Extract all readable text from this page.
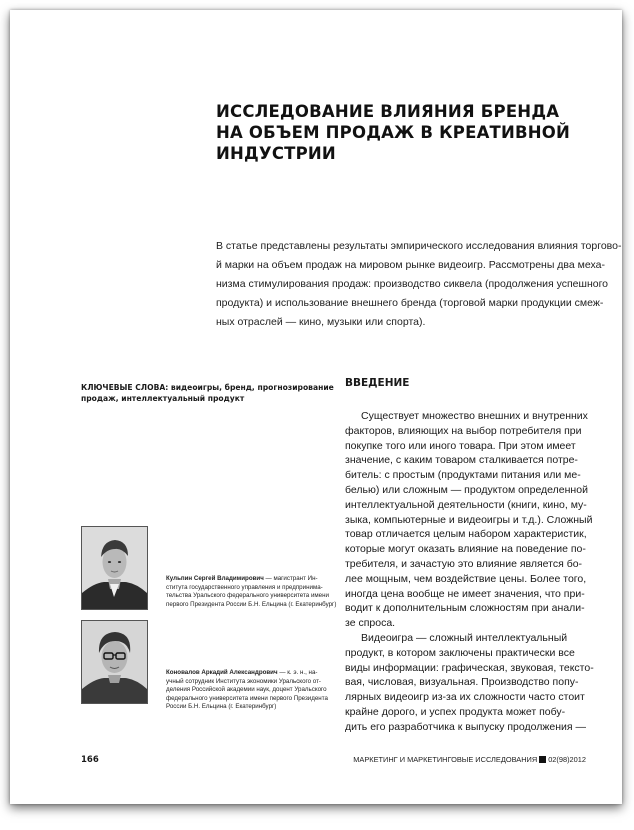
ИССЛЕДОВАНИЕ ВЛИЯНИЯ БРЕНДА
НА ОБЪЕМ ПРОДАЖ В КРЕАТИВНОЙ
ИНДУСТРИИ
В статье представлены результаты эмпирического исследования влияния торгово-
й марки на объем продаж на мировом рынке видеоигр. Рассмотрены два меха-
низма стимулирования продаж: производство сиквела (продолжения успешного
продукта) и использование внешнего бренда (торговой марки продукции смеж-
ных отраслей — кино, музыки или спорта).
КЛЮЧЕВЫЕ СЛОВА: видеоигры, бренд, прогнозирование
продаж, интеллектуальный продукт
ВВЕДЕНИЕ
Существует множество внешних и внутренних
факторов, влияющих на выбор потребителя при
покупке того или иного товара. При этом имеет
значение, с каким товаром сталкивается потре-
битель: с простым (продуктами питания или ме-
белью) или сложным — продуктом определенной
интеллектуальной деятельности (книги, кино, му-
зыка, компьютерные и видеоигры и т.д.). Сложный
товар отличается целым набором характеристик,
которые могут оказать влияние на поведение по-
требителя, и зачастую это влияние является бо-
лее мощным, чем воздействие цены. Более того,
иногда цена вообще не имеет значения, что при-
водит к дополнительным сложностям при анали-
зе спроса.
Видеоигра — сложный интеллектуальный
продукт, в котором заключены практически все
виды информации: графическая, звуковая, тексто-
вая, числовая, визуальная. Производство попу-
лярных видеоигр из-за их сложности часто стоит
крайне дорого, и успех продукта может побу-
дить его разработчика к выпуску продолжения —
Кульпин Сергей Владимирович — магистрант Ин-
ститута государственного управления и предпринима-
тельства Уральского федерального университета имени
первого Президента России Б.Н. Ельцина (г. Екатеринбург)
Коновалов Аркадий Александрович — к. э. н., на-
учный сотрудник Института экономики Уральского от-
деления Российской академии наук, доцент Уральского
федерального университета имени первого Президента
России Б.Н. Ельцина (г. Екатеринбург)
166	МАРКЕТИНГ И МАРКЕТИНГОВЫЕ ИССЛЕДОВАНИЯ 02(98)2012
